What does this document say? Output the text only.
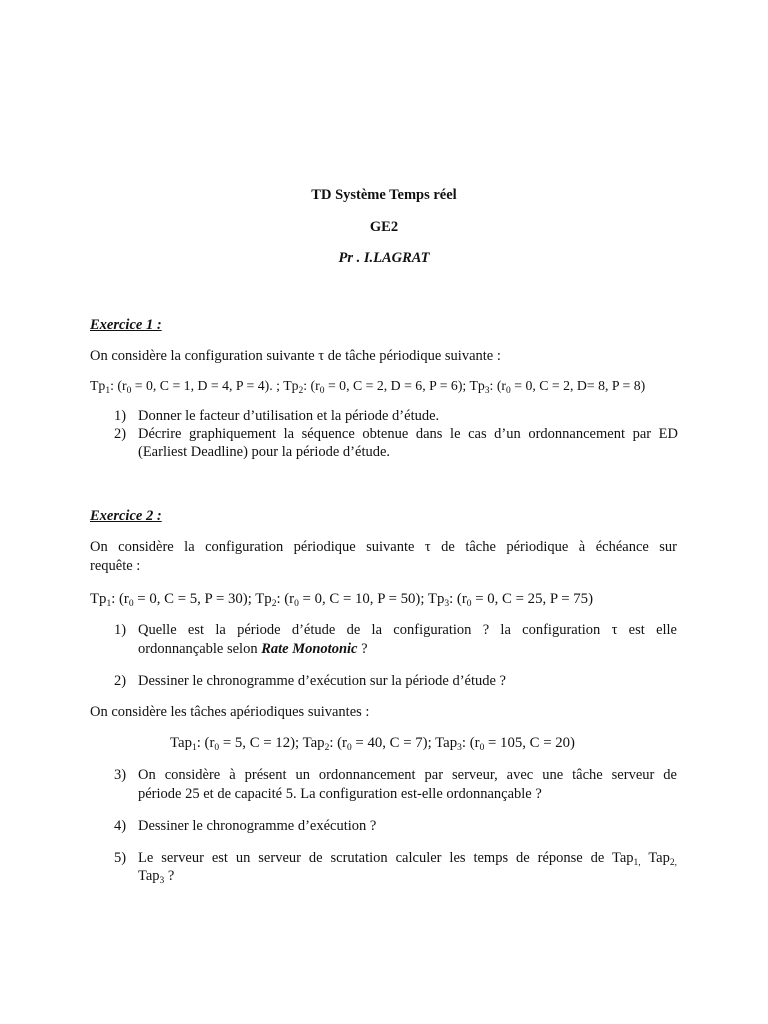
TD Système Temps réel
GE2
Pr . I.LAGRAT
Exercice 1 :
On considère la configuration suivante τ de tâche périodique suivante :
$Tp_1$: ($r_0 = 0$, C = 1, D = 4, P = 4). ; $Tp_2$: ($r_0 = 0$, C = 2, D = 6, P = 6); $Tp_3$: ($r_0 = 0$, C = 2, D= 8, P = 8)
1) Donner le facteur d’utilisation et la période d’étude.
2) Décrire graphiquement la séquence obtenue dans le cas d’un ordonnancement par ED
(Earliest Deadline) pour la période d’étude.
Exercice 2 :
On considère la configuration périodique suivante τ de tâche périodique à échéance sur
requête :
$Tp_1$: ($r_0 = 0$, C = 5, P = 30); $Tp_2$: ($r_0 = 0$, C = 10, P = 50); $Tp_3$: ($r_0 = 0$, C = 25, P = 75)
1) Quelle est la période d’étude de la configuration ? la configuration τ est elle
ordonnançable selon Rate Monotonic ?
2) Dessiner le chronogramme d’exécution sur la période d’étude ?
On considère les tâches apériodiques suivantes :
Tap$_1$: ($r_0 = 5$, C = 12); Tap$_2$: ($r_0 = 40$, C = 7); Tap$_3$: ($r_0 = 105$, C = 20)
3) On considère à présent un ordonnancement par serveur, avec une tâche serveur de
période 25 et de capacité 5. La configuration est-elle ordonnançable ?
4) Dessiner le chronogramme d’exécution ?
5) Le serveur est un serveur de scrutation calculer les temps de réponse de Tap$_{1,}$ Tap$_{2,}$
Tap$_3$ ?
